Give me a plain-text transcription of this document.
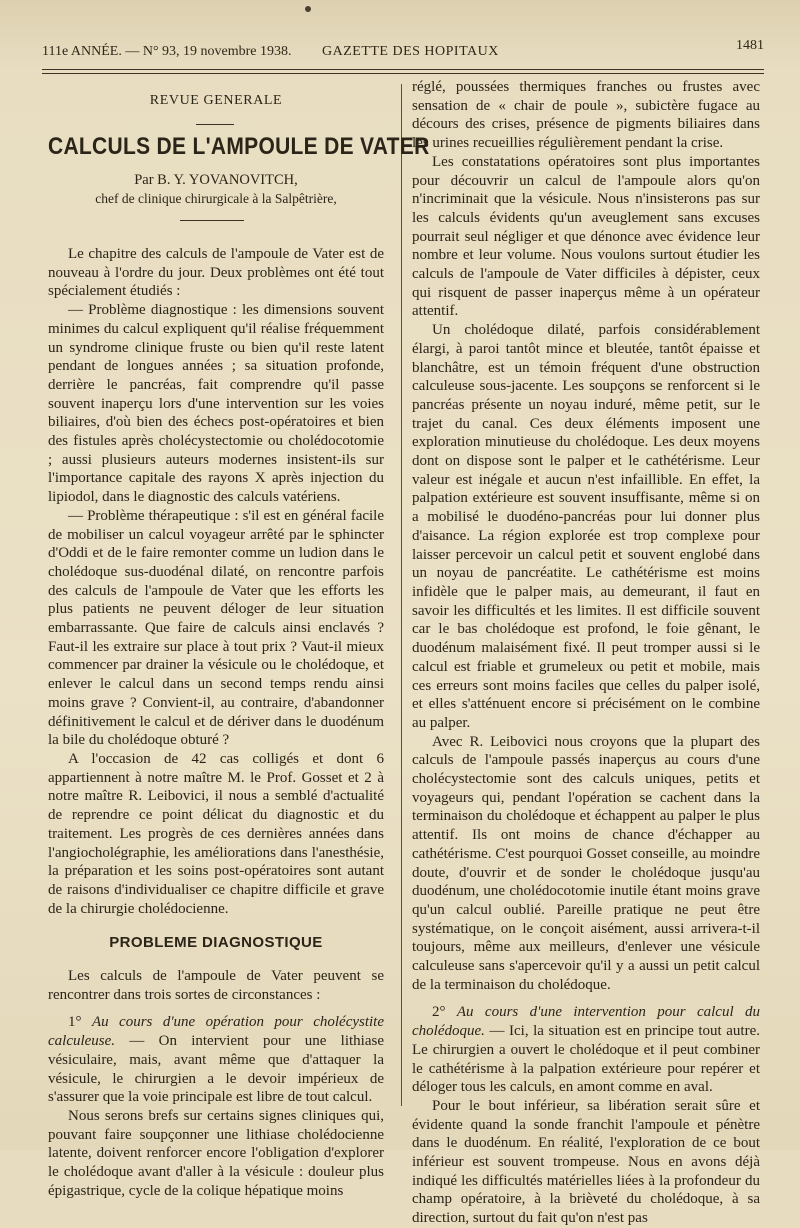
111e ANNÉE. — N° 93, 19 novembre 1938. GAZETTE DES HOPITAUX	1481
REVUE GENERALE
CALCULS DE L'AMPOULE DE VATER
Par B. Y. YOVANOVITCH,
chef de clinique chirurgicale à la Salpêtrière,

Le chapitre des calculs de l'ampoule de Vater est de nouveau à l'ordre du jour. Deux problèmes ont été tout spécialement étudiés :

— Problème diagnostique : les dimensions souvent minimes du calcul expliquent qu'il réalise fréquemment un syndrome clinique fruste ou bien qu'il reste latent pendant de longues années ; sa situation profonde, derrière le pancréas, fait comprendre qu'il passe souvent inaperçu lors d'une intervention sur les voies biliaires, d'où bien des échecs post-opératoires et bien des fistules après cholécystectomie ou cholédocotomie ; aussi plusieurs auteurs modernes insistent-ils sur l'importance capitale des rayons X après injection du lipiodol, dans le diagnostic des calculs vatériens.

— Problème thérapeutique : s'il est en général facile de mobiliser un calcul voyageur arrêté par le sphincter d'Oddi et de le faire remonter comme un ludion dans le cholédoque sus-duodénal dilaté, on rencontre parfois des calculs de l'ampoule de Vater que les efforts les plus patients ne peuvent déloger de leur situation embarrassante. Que faire de calculs ainsi enclavés ? Faut-il les extraire sur place à tout prix ? Vaut-il mieux commencer par drainer la vésicule ou le cholédoque, et enlever le calcul dans un second temps rendu ainsi moins grave ? Convient-il, au contraire, d'abandonner définitivement le calcul et de dériver dans le duodénum la bile du cholédoque obturé ?

A l'occasion de 42 cas colligés et dont 6 appartiennent à notre maître M. le Prof. Gosset et 2 à notre maître R. Leibovici, il nous a semblé d'actualité de reprendre ce point délicat du diagnostic et du traitement. Les progrès de ces dernières années dans l'angiocholégraphie, les améliorations dans l'anesthésie, la préparation et les soins post-opératoires sont autant de raisons d'individualiser ce chapitre difficile et grave de la chirurgie cholédocienne.

PROBLEME DIAGNOSTIQUE

Les calculs de l'ampoule de Vater peuvent se rencontrer dans trois sortes de circonstances :

1° Au cours d'une opération pour cholécystite calculeuse. — On intervient pour une lithiase vésiculaire, mais, avant même que d'attaquer la vésicule, le chirurgien a le devoir impérieux de s'assurer que la voie principale est libre de tout calcul.

Nous serons brefs sur certains signes cliniques qui, pouvant faire soupçonner une lithiase cholédocienne latente, doivent renforcer encore l'obligation d'explorer le cholédoque avant d'aller à la vésicule : douleur plus épigastrique, cycle de la colique hépatique moins

réglé, poussées thermiques franches ou frustes avec sensation de « chair de poule », subictère fugace au décours des crises, présence de pigments biliaires dans les urines recueillies régulièrement pendant la crise.

Les constatations opératoires sont plus importantes pour découvrir un calcul de l'ampoule alors qu'on n'incriminait que la vésicule. Nous n'insisterons pas sur les calculs évidents qu'un aveuglement sans excuses pourrait seul négliger et que dénonce avec évidence leur nombre et leur volume. Nous voulons surtout étudier les calculs de l'ampoule de Vater difficiles à dépister, ceux qui risquent de passer inaperçus même à un opérateur attentif.

Un cholédoque dilaté, parfois considérablement élargi, à paroi tantôt mince et bleutée, tantôt épaisse et blanchâtre, est un témoin fréquent d'une obstruction calculeuse sous-jacente. Les soupçons se renforcent si le pancréas présente un noyau induré, même petit, sur le trajet du canal. Ces deux éléments imposent une exploration minutieuse du cholédoque. Les deux moyens dont on dispose sont le palper et le cathétérisme. Leur valeur est inégale et aucun n'est infaillible. En effet, la palpation extérieure est souvent insuffisante, même si on a mobilisé le duodéno-pancréas pour lui donner plus d'aisance. La région explorée est trop complexe pour laisser percevoir un calcul petit et souvent englobé dans un noyau de pancréatite. Le cathétérisme est moins infidèle que le palper mais, au demeurant, il faut en savoir les difficultés et les limites. Il est difficile souvent car le bas cholédoque est profond, le foie gênant, le duodénum malaisément fixé. Il peut tromper aussi si le calcul est friable et grumeleux ou petit et mobile, mais ces erreurs sont moins faciles que celles du palper isolé, et elles s'atténuent encore si précisément on le combine au palper.

Avec R. Leibovici nous croyons que la plupart des calculs de l'ampoule passés inaperçus au cours d'une cholécystectomie sont des calculs uniques, petits et voyageurs qui, pendant l'opération se cachent dans la terminaison du cholédoque et échappent au palper le plus attentif. Ils ont moins de chance d'échapper au cathétérisme. C'est pourquoi Gosset conseille, au moindre doute, d'ouvrir et de sonder le cholédoque jusqu'au duodénum, une cholédocotomie inutile étant moins grave qu'un calcul oublié. Pareille pratique ne peut être systématique, on le conçoit aisément, aussi arrivera-t-il toujours, même aux meilleurs, d'enlever une vésicule calculeuse sans s'apercevoir qu'il y a aussi un petit calcul de la terminaison du cholédoque.

2° Au cours d'une intervention pour calcul du cholédoque. — Ici, la situation est en principe tout autre. Le chirurgien a ouvert le cholédoque et il peut combiner le cathétérisme à la palpation extérieure pour repérer et déloger tous les calculs, en amont comme en aval.

Pour le bout inférieur, sa libération serait sûre et évidente quand la sonde franchit l'ampoule et pénètre dans le duodénum. En réalité, l'exploration de ce bout inférieur est souvent trompeuse. Nous en avons déjà indiqué les difficultés matérielles liées à la profondeur du champ opératoire, à la brièveté du cholédoque, à sa direction, surtout du fait qu'on n'est pas
